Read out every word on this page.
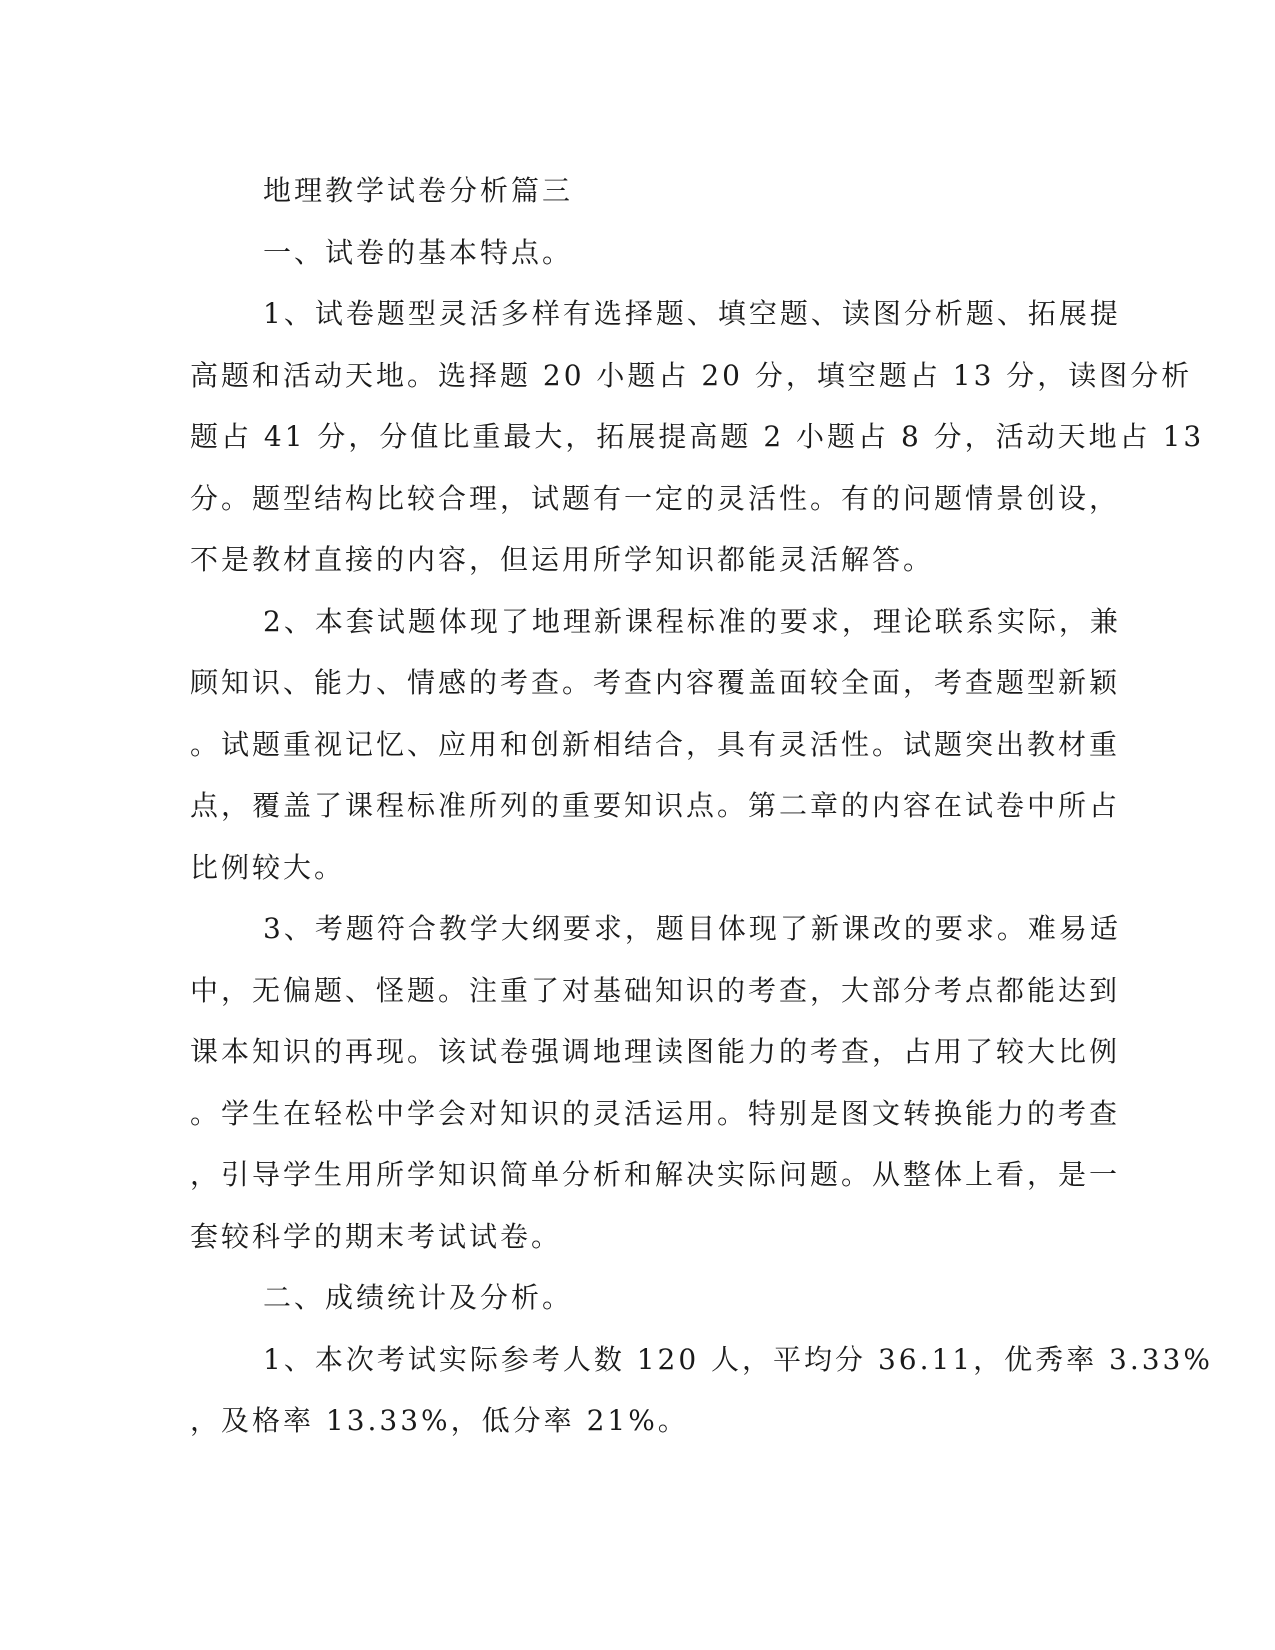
地理教学试卷分析篇三
一、试卷的基本特点。
1、试卷题型灵活多样有选择题、填空题、读图分析题、拓展提
高题和活动天地。选择题 20 小题占 20 分，填空题占 13 分，读图分析
题占 41 分，分值比重最大，拓展提高题 2 小题占 8 分，活动天地占 13
分。题型结构比较合理，试题有一定的灵活性。有的问题情景创设，
不是教材直接的内容，但运用所学知识都能灵活解答。
2、本套试题体现了地理新课程标准的要求，理论联系实际，兼
顾知识、能力、情感的考查。考查内容覆盖面较全面，考查题型新颖
。试题重视记忆、应用和创新相结合，具有灵活性。试题突出教材重
点，覆盖了课程标准所列的重要知识点。第二章的内容在试卷中所占
比例较大。
3、考题符合教学大纲要求，题目体现了新课改的要求。难易适
中，无偏题、怪题。注重了对基础知识的考查，大部分考点都能达到
课本知识的再现。该试卷强调地理读图能力的考查，占用了较大比例
。学生在轻松中学会对知识的灵活运用。特别是图文转换能力的考查
，引导学生用所学知识简单分析和解决实际问题。从整体上看，是一
套较科学的期末考试试卷。
二、成绩统计及分析。
1、本次考试实际参考人数 120 人，平均分 36.11，优秀率 3.33%
，及格率 13.33%，低分率 21%。
